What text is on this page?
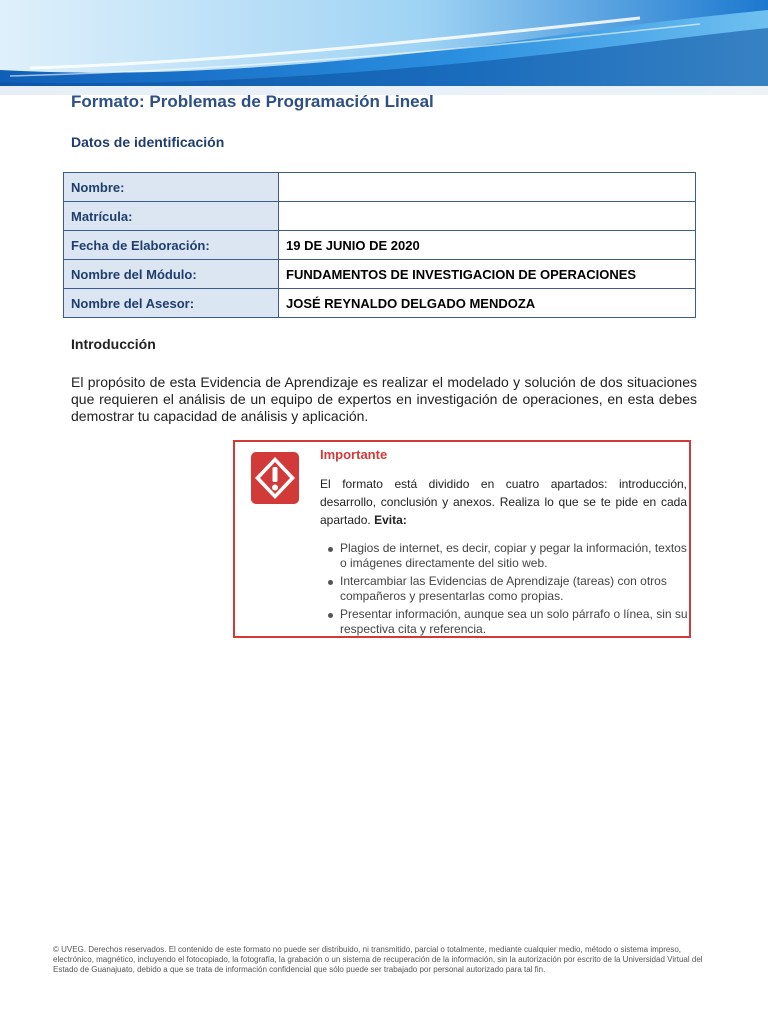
Formato: Problemas de Programación Lineal
Datos de identificación
Nombre:	
Matrícula:	
Fecha de Elaboración:	19 DE JUNIO DE 2020
Nombre del Módulo:	FUNDAMENTOS DE INVESTIGACION DE OPERACIONES
Nombre del Asesor:	JOSÉ REYNALDO DELGADO MENDOZA
Introducción
El propósito de esta Evidencia de Aprendizaje es realizar el modelado y solución de dos situaciones que requieren el análisis de un equipo de expertos en investigación de operaciones, en esta debes demostrar tu capacidad de análisis y aplicación.
Importante
El formato está dividido en cuatro apartados: introducción, desarrollo, conclusión y anexos. Realiza lo que se te pide en cada apartado. Evita:
Plagios de internet, es decir, copiar y pegar la información, textos o imágenes directamente del sitio web.
Intercambiar las Evidencias de Aprendizaje (tareas) con otros compañeros y presentarlas como propias.
Presentar información, aunque sea un solo párrafo o línea, sin su respectiva cita y referencia.
© UVEG. Derechos reservados. El contenido de este formato no puede ser distribuido, ni transmitido, parcial o totalmente, mediante cualquier medio, método o sistema impreso, electrónico, magnético, incluyendo el fotocopiado, la fotografía, la grabación o un sistema de recuperación de la información, sin la autorización por escrito de la Universidad Virtual del Estado de Guanajuato, debido a que se trata de información confidencial que sólo puede ser trabajado por personal autorizado para tal fin.
